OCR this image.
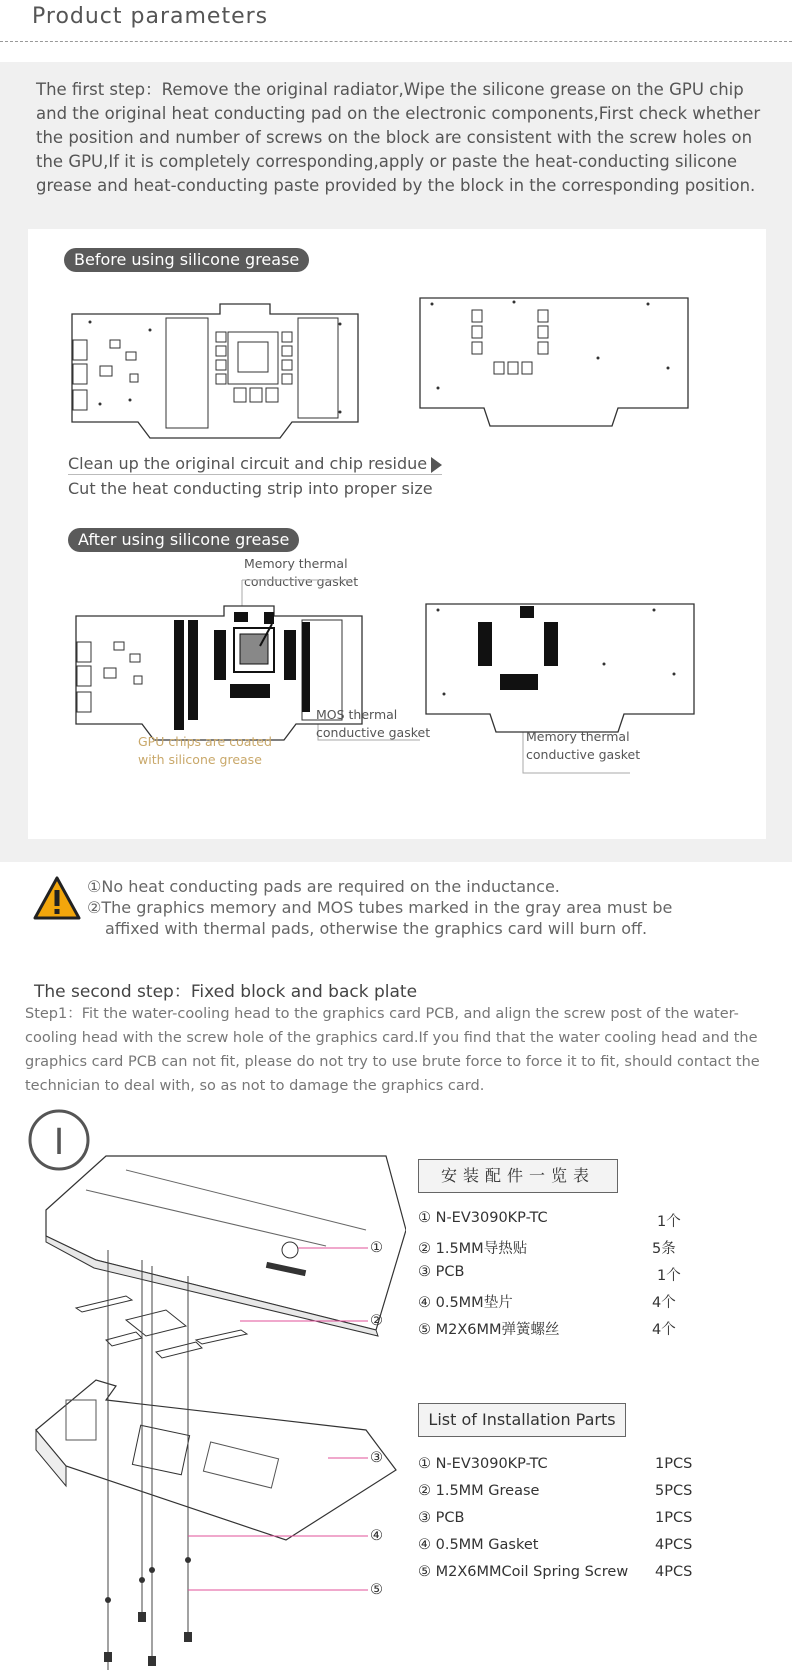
Product parameters
The first step：Remove the original radiator,Wipe the silicone grease on the GPU chip and the original heat conducting pad on the electronic components,First check whether the position and number of screws on the block are consistent with the screw holes on the GPU,If it is completely corresponding,apply or paste the heat-conducting silicone grease and heat-conducting paste provided by the block in the corresponding position.
Before using silicone grease
Clean up the original circuit and chip residue
Cut the heat conducting strip into proper size
After using silicone grease
Memory thermal
conductive gasket
MOS thermal
conductive gasket
GPU chips are coated
with silicone grease
Memory thermal
conductive gasket
①No heat conducting pads are required on the inductance.
②The graphics memory and MOS tubes marked in the gray area must be
affixed with thermal pads, otherwise the graphics card will burn off.
The second step：Fixed block and back plate
Step1：Fit the water-cooling head to the graphics card PCB, and align the screw post of the water-cooling head with the screw hole of the graphics card.If you find that the water cooling head and the graphics card PCB can not fit, please do not try to use brute force to force it to fit, should contact the technician to deal with, so as not to damage the graphics card.
I
①
②
③
④
⑤
安装配件一览表
① N-EV3090KP-TC	1个
② 1.5MM导热贴	5条
③ PCB	1个
④ 0.5MM垫片	4个
⑤ M2X6MM弹簧螺丝	4个
List of Installation Parts
① N-EV3090KP-TC	1PCS
② 1.5MM Grease	5PCS
③ PCB	1PCS
④ 0.5MM Gasket	4PCS
⑤ M2X6MMCoil Spring Screw 4PCS
